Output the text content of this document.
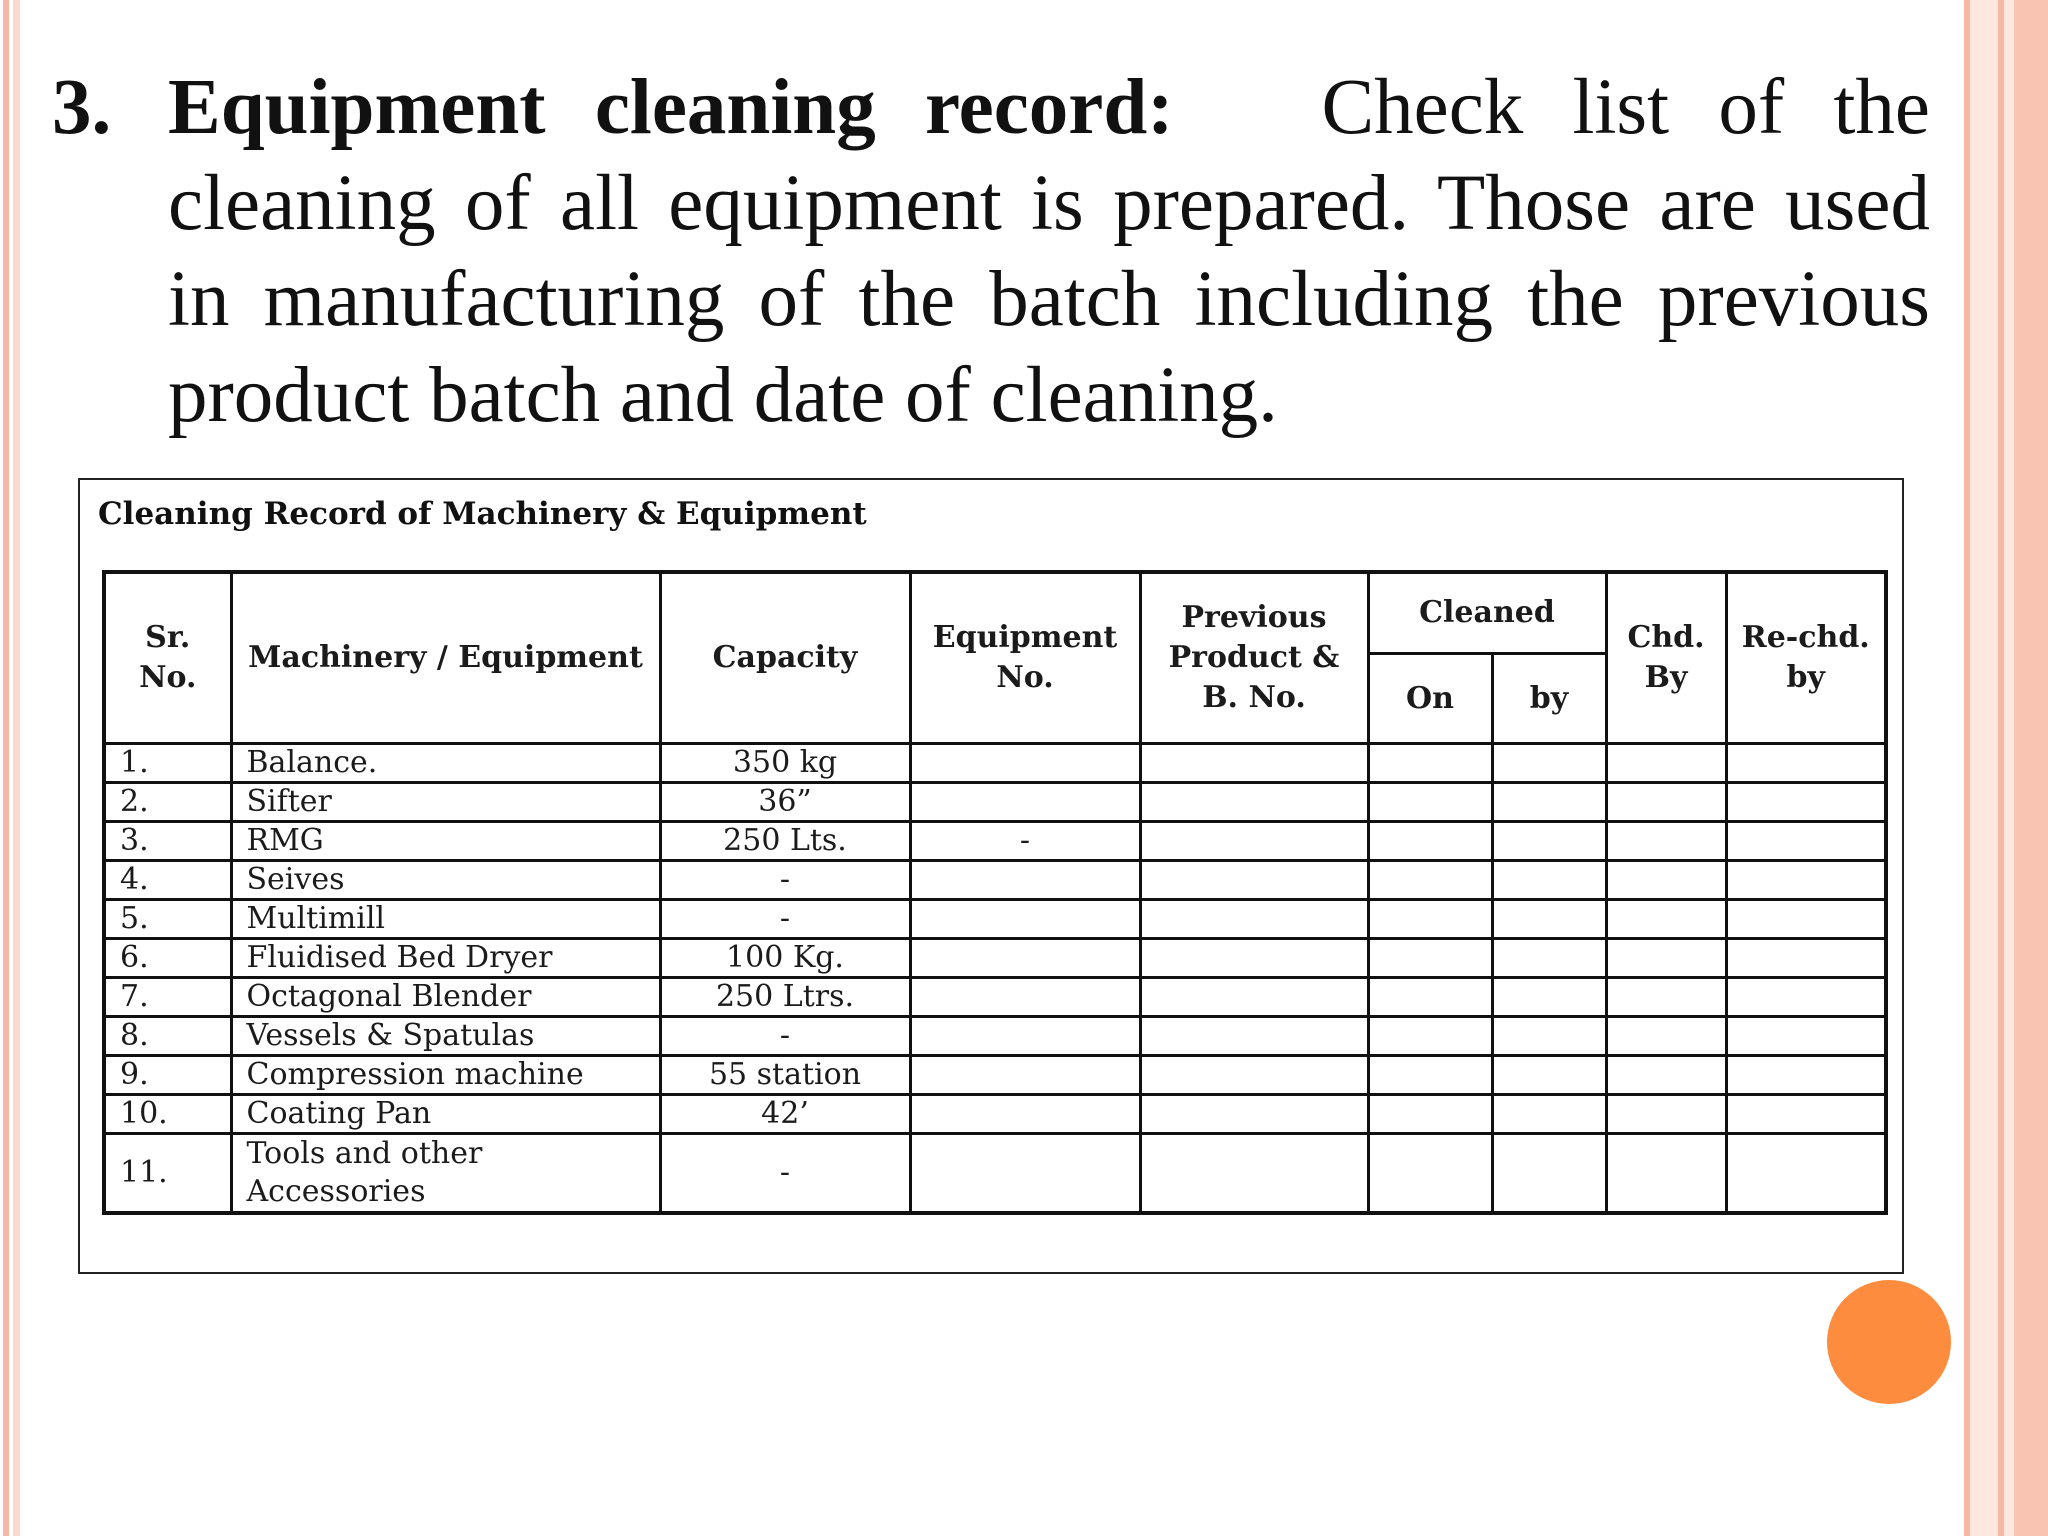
3. Equipment cleaning record: Check list of the cleaning of all equipment is prepared. Those are used in manufacturing of the batch including the previous product batch and date of cleaning.
Cleaning Record of Machinery & Equipment
Sr. No.	Machinery / Equipment	Capacity	Equipment No.	Previous Product & B. No.	Cleaned		Chd. By	Re-chd. by
					On	by		
1.	Balance.	350 kg						
2.	Sifter	36”						
3.	RMG	250 Lts.	-					
4.	Seives	-						
5.	Multimill	-						
6.	Fluidised Bed Dryer	100 Kg.						
7.	Octagonal Blender	250 Ltrs.						
8.	Vessels & Spatulas	-						
9.	Compression machine	55 station						
10.	Coating Pan	42’						
11.	Tools and other Accessories	-						
